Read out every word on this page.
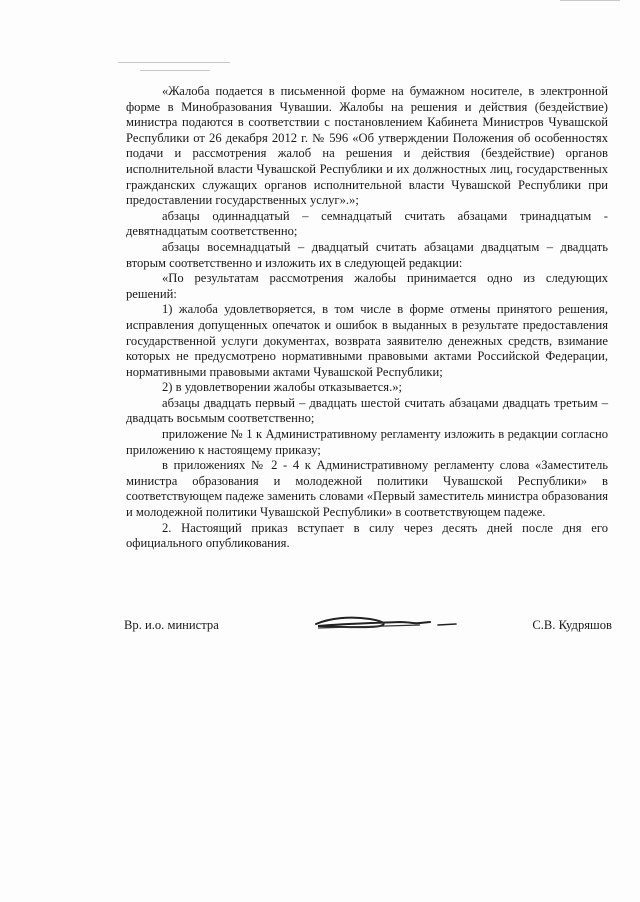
«Жалоба подается в письменной форме на бумажном носителе, в электронной форме в Минобразования Чувашии. Жалобы на решения и действия (бездействие) министра подаются в соответствии с постановлением Кабинета Министров Чувашской Республики от 26 декабря 2012 г. № 596 «Об утверждении Положения об особенностях подачи и рассмотрения жалоб на решения и действия (бездействие) органов исполнительной власти Чувашской Республики и их должностных лиц, государственных гражданских служащих органов исполнительной власти Чувашской Республики при предоставлении государственных услуг».»;

абзацы одиннадцатый – семнадцатый считать абзацами тринадцатым - девятнадцатым соответственно;

абзацы восемнадцатый – двадцатый считать абзацами двадцатым – двадцать вторым соответственно и изложить их в следующей редакции:

«По результатам рассмотрения жалобы принимается одно из следующих решений:

1) жалоба удовлетворяется, в том числе в форме отмены принятого решения, исправления допущенных опечаток и ошибок в выданных в результате предоставления государственной услуги документах, возврата заявителю денежных средств, взимание которых не предусмотрено нормативными правовыми актами Российской Федерации, нормативными правовыми актами Чувашской Республики;

2) в удовлетворении жалобы отказывается.»;

абзацы двадцать первый – двадцать шестой считать абзацами двадцать третьим – двадцать восьмым соответственно;

приложение № 1 к Административному регламенту изложить в редакции согласно приложению к настоящему приказу;

в приложениях № 2 - 4 к Административному регламенту слова «Заместитель министра образования и молодежной политики Чувашской Республики» в соответствующем падеже заменить словами «Первый заместитель министра образования и молодежной политики Чувашской Республики» в соответствующем падеже.

2. Настоящий приказ вступает в силу через десять дней после дня его официального опубликования.

Вр. и.о. министра	С.В. Кудряшов
